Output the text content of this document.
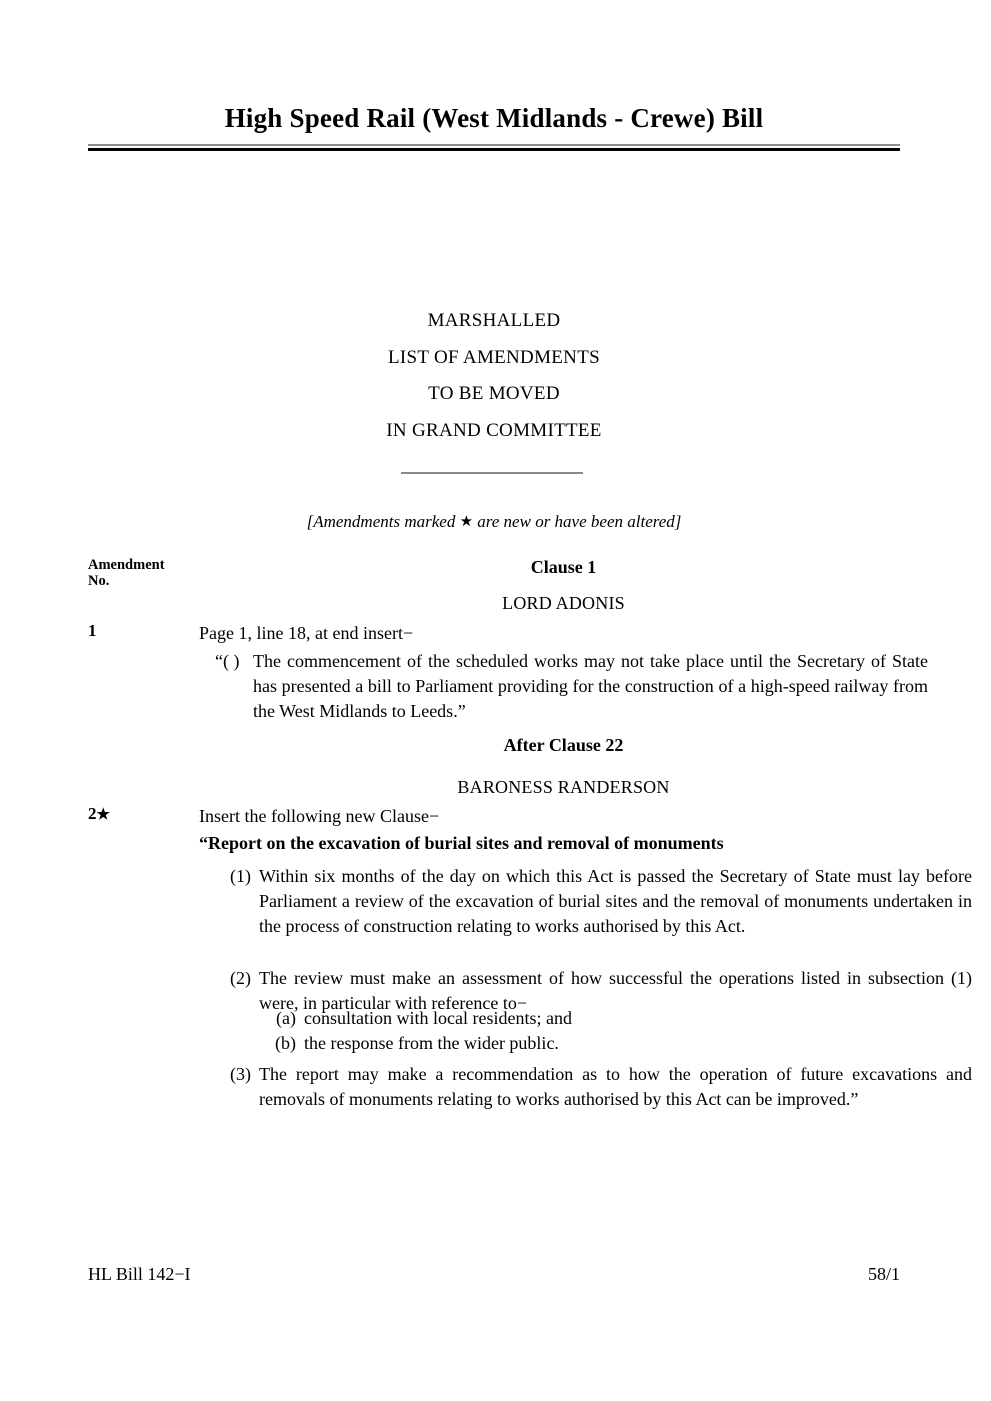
High Speed Rail (West Midlands - Crewe) Bill
MARSHALLED
LIST OF AMENDMENTS
TO BE MOVED
IN GRAND COMMITTEE
[Amendments marked ★ are new or have been altered]
Amendment
No.
Clause 1
LORD ADONIS
1	Page 1, line 18, at end insert−
“( ) The commencement of the scheduled works may not take place until the Secretary of State has presented a bill to Parliament providing for the construction of a high-speed railway from the West Midlands to Leeds.”
After Clause 22
BARONESS RANDERSON
2★	Insert the following new Clause−
“Report on the excavation of burial sites and removal of monuments
(1) Within six months of the day on which this Act is passed the Secretary of State must lay before Parliament a review of the excavation of burial sites and the removal of monuments undertaken in the process of construction relating to works authorised by this Act.
(2) The review must make an assessment of how successful the operations listed in subsection (1) were, in particular with reference to−
(a) consultation with local residents; and
(b) the response from the wider public.
(3) The report may make a recommendation as to how the operation of future excavations and removals of monuments relating to works authorised by this Act can be improved.”
HL Bill 142−I	58/1
